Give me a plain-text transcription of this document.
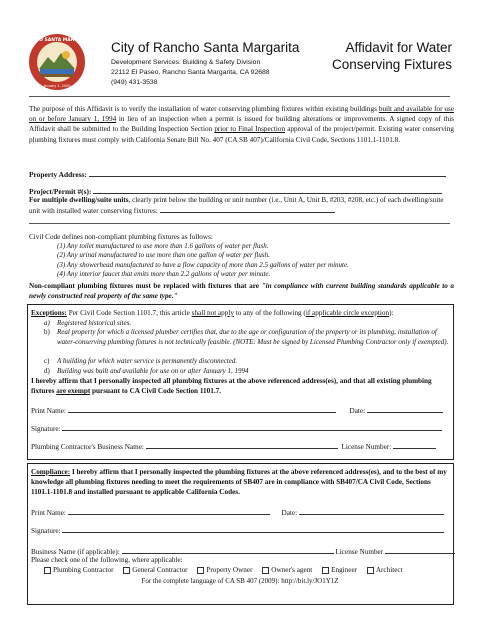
RANCHO SANTA MARGARITA
January 1, 2000
City of Rancho Santa Margarita
Development Services: Building & Safety Division
22112 El Paseo, Rancho Santa Margarita, CA 92688
(949) 431-3538
Affidavit for Water
Conserving Fixtures
The purpose of this Affidavit is to verify the installation of water conserving plumbing fixtures within existing buildings built and available for use on or before January 1, 1994 in lieu of an inspection when a permit is issued for building alterations or improvements. A signed copy of this Affidavit shall be submitted to the Building Inspection Section prior to Final Inspection approval of the project/permit. Existing water conserving plumbing fixtures must comply with California Senate Bill No. 407 (CA SB 407)/California Civil Code, Sections 1101.1-1101.8.
Property Address:
Project/Permit #(s):
For multiple dwelling/suite units, clearly print below the building or unit number (i.e., Unit A, Unit B, #203, #208, etc.) of each dwelling/suite unit with installed water conserving fixtures:
Civil Code defines non-compliant plumbing fixtures as follows:
(1) Any toilet manufactured to use more than 1.6 gallons of water per flush.
(2) Any urinal manufactured to use more than one gallon of water per flush.
(3) Any showerhead manufactured to have a flow capacity of more than 2.5 gallons of water per minute.
(4) Any interior faucet that emits more than 2.2 gallons of water per minute.
Non-compliant plumbing fixtures must be replaced with fixtures that are "in compliance with current building standards applicable to a newly constructed real property of the same type."
Exceptions: Per Civil Code Section 1101.7, this article shall not apply to any of the following (if applicable circle exception):
a) Registered historical sites.
b) Real property for which a licensed plumber certifies that, due to the age or configuration of the property or its plumbing, installation of water-conserving plumbing fixtures is not technically feasible. (NOTE: Must be signed by Licensed Plumbing Contractor only if exempted).
c) A building for which water service is permanently disconnected.
d) Building was built and available for use on or after January 1, 1994
I hereby affirm that I personally inspected all plumbing fixtures at the above referenced address(es), and that all existing plumbing fixtures are exempt pursuant to CA Civil Code Section 1101.7.
Print Name:	Date:
Signature:
Plumbing Contractor's Business Name:	License Number:
Compliance: I hereby affirm that I personally inspected the plumbing fixtures at the above referenced address(es), and to the best of my knowledge all plumbing fixtures needing to meet the requirements of SB407 are in compliance with SB407/CA Civil Code, Sections 1101.1-1101.8 and installed pursuant to applicable California Codes.
Print Name:	Date:
Signature:
Business Name (if applicable):	License Number
Please check one of the following, where applicable:
Plumbing Contractor	General Contractor	Property Owner	Owner's agent	Engineer	Architect
For the complete language of CA SB 407 (2009): http://bit.ly/JO1Y1Z
